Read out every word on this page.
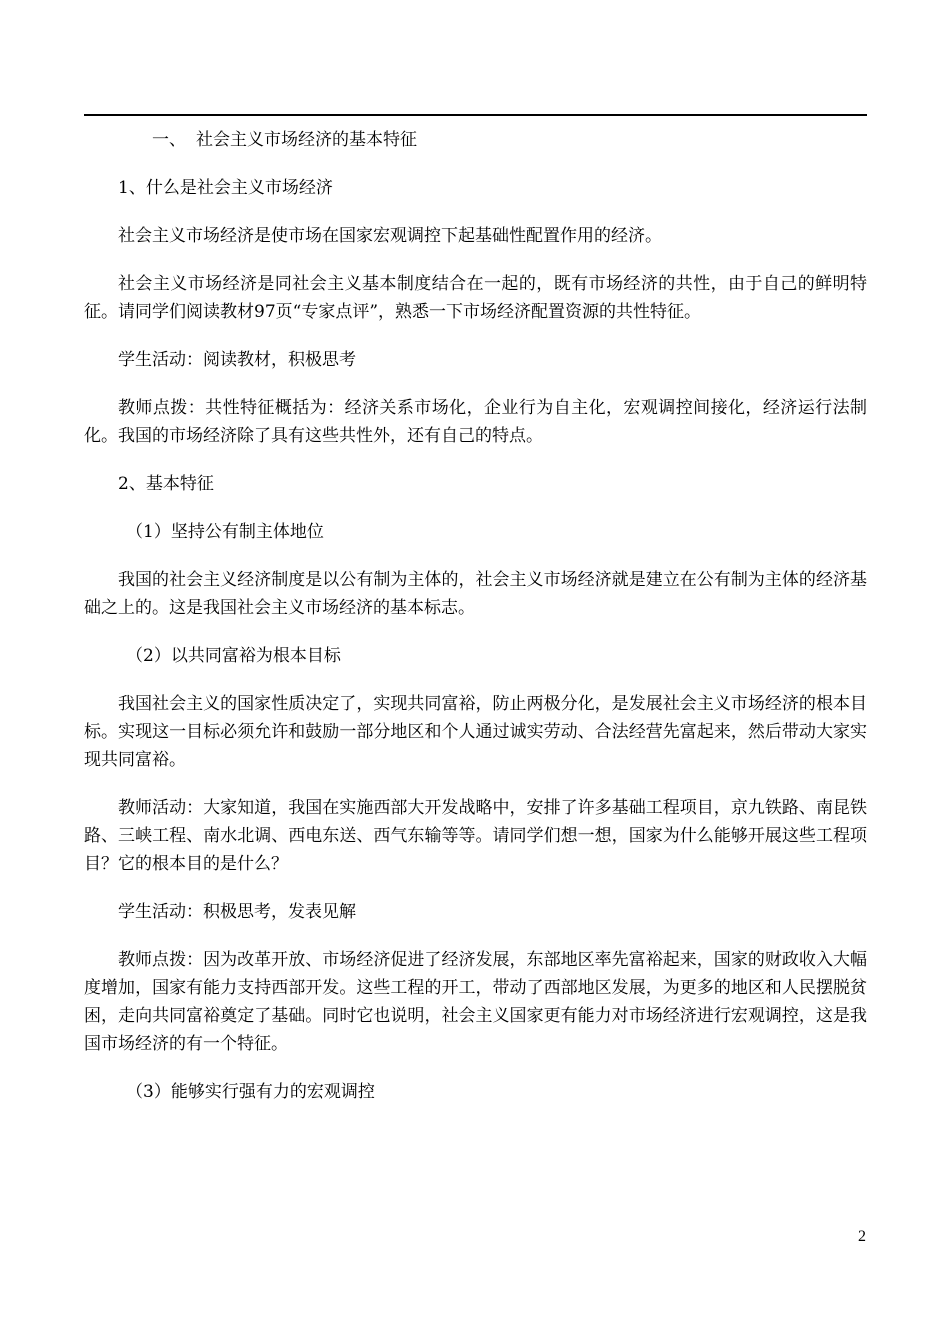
一、 社会主义市场经济的基本特征

1、什么是社会主义市场经济

社会主义市场经济是使市场在国家宏观调控下起基础性配置作用的经济。

社会主义市场经济是同社会主义基本制度结合在一起的，既有市场经济的共性，由于自己的鲜明特征。请同学们阅读教材97页“专家点评”，熟悉一下市场经济配置资源的共性特征。

学生活动：阅读教材，积极思考

教师点拨：共性特征概括为：经济关系市场化，企业行为自主化，宏观调控间接化，经济运行法制化。我国的市场经济除了具有这些共性外，还有自己的特点。

2、基本特征

（1）坚持公有制主体地位

我国的社会主义经济制度是以公有制为主体的，社会主义市场经济就是建立在公有制为主体的经济基础之上的。这是我国社会主义市场经济的基本标志。

（2）以共同富裕为根本目标

我国社会主义的国家性质决定了，实现共同富裕，防止两极分化，是发展社会主义市场经济的根本目标。实现这一目标必须允许和鼓励一部分地区和个人通过诚实劳动、合法经营先富起来，然后带动大家实现共同富裕。

教师活动：大家知道，我国在实施西部大开发战略中，安排了许多基础工程项目，京九铁路、南昆铁路、三峡工程、南水北调、西电东送、西气东输等等。请同学们想一想，国家为什么能够开展这些工程项目？它的根本目的是什么？

学生活动：积极思考，发表见解

教师点拨：因为改革开放、市场经济促进了经济发展，东部地区率先富裕起来，国家的财政收入大幅度增加，国家有能力支持西部开发。这些工程的开工，带动了西部地区发展，为更多的地区和人民摆脱贫困，走向共同富裕奠定了基础。同时它也说明，社会主义国家更有能力对市场经济进行宏观调控，这是我国市场经济的有一个特征。

（3）能够实行强有力的宏观调控

2
